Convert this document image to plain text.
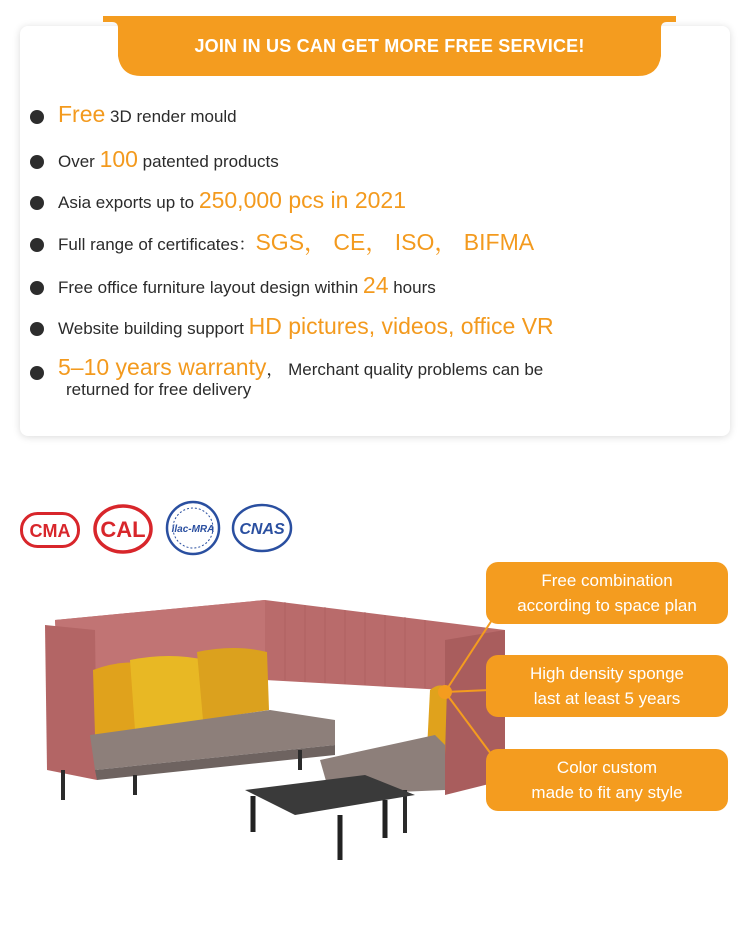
JOIN IN US CAN GET MORE FREE SERVICE!
Free 3D render mould
Over 100 patented products
Asia exports up to 250,000 pcs in 2021
Full range of certificates：SGS， CE， ISO， BIFMA
Free office furniture layout design within 24 hours
Website building support HD pictures, videos, office VR
5–10 years warranty， Merchant quality problems can be
returned for free delivery
CMA CAL	ilac-MRA CNAS
Free combination
according to space plan
High density sponge
last at least 5 years
Color custom
made to fit any style
